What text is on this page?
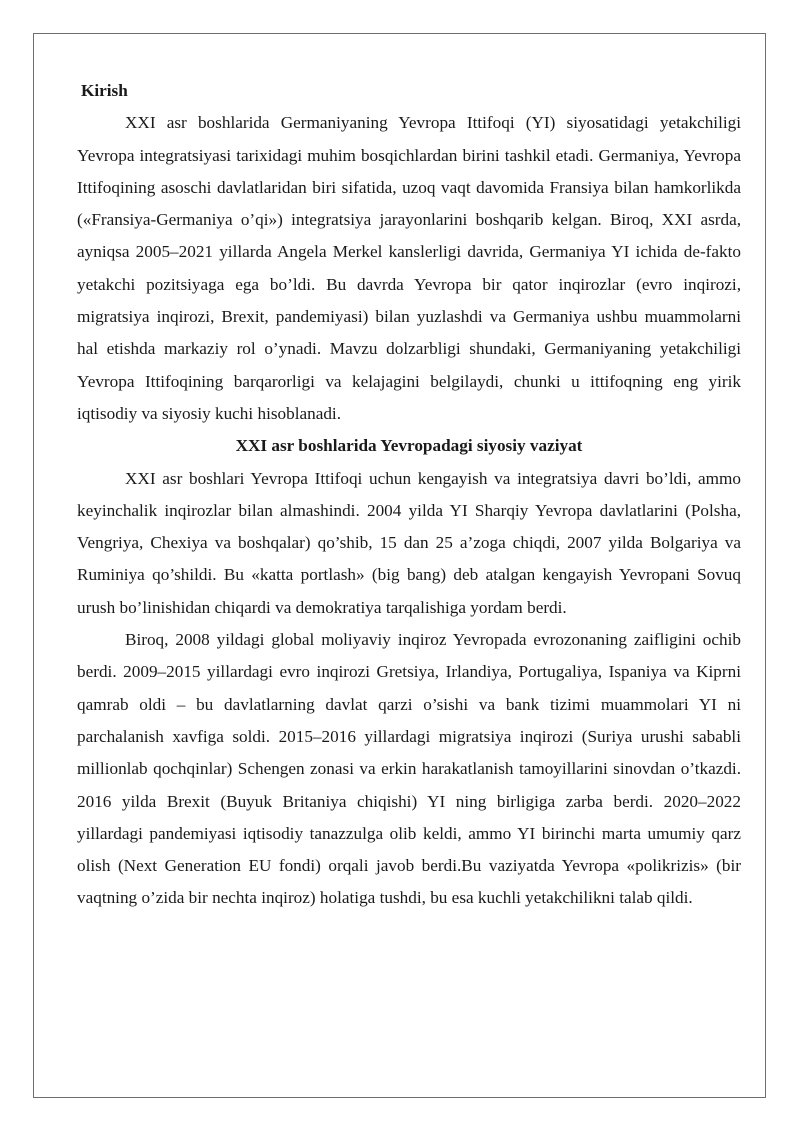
Kirish

XXI asr boshlarida Germaniyaning Yevropa Ittifoqi (YI) siyosatidagi yetakchiligi Yevropa integratsiyasi tarixidagi muhim bosqichlardan birini tashkil etadi. Germaniya, Yevropa Ittifoqining asoschi davlatlaridan biri sifatida, uzoq vaqt davomida Fransiya bilan hamkorlikda («Fransiya-Germaniya o’qi») integratsiya jarayonlarini boshqarib kelgan. Biroq, XXI asrda, ayniqsa 2005–2021 yillarda Angela Merkel kanslerligi davrida, Germaniya YI ichida de-fakto yetakchi pozitsiyaga ega bo’ldi. Bu davrda Yevropa bir qator inqirozlar (evro inqirozi, migratsiya inqirozi, Brexit, pandemiyasi) bilan yuzlashdi va Germaniya ushbu muammolarni hal etishda markaziy rol o’ynadi. Mavzu dolzarbligi shundaki, Germaniyaning yetakchiligi Yevropa Ittifoqining barqarorligi va kelajagini belgilaydi, chunki u ittifoqning eng yirik iqtisodiy va siyosiy kuchi hisoblanadi.

XXI asr boshlarida Yevropadagi siyosiy vaziyat

XXI asr boshlari Yevropa Ittifoqi uchun kengayish va integratsiya davri bo’ldi, ammo keyinchalik inqirozlar bilan almashindi. 2004 yilda YI Sharqiy Yevropa davlatlarini (Polsha, Vengriya, Chexiya va boshqalar) qo’shib, 15 dan 25 a’zoga chiqdi, 2007 yilda Bolgariya va Ruminiya qo’shildi. Bu «katta portlash» (big bang) deb atalgan kengayish Yevropani Sovuq urush bo’linishidan chiqardi va demokratiya tarqalishiga yordam berdi.

Biroq, 2008 yildagi global moliyaviy inqiroz Yevropada evrozonaning zaifligini ochib berdi. 2009–2015 yillardagi evro inqirozi Gretsiya, Irlandiya, Portugaliya, Ispaniya va Kiprni qamrab oldi – bu davlatlarning davlat qarzi o’sishi va bank tizimi muammolari YI ni parchalanish xavfiga soldi. 2015–2016 yillardagi migratsiya inqirozi (Suriya urushi sababli millionlab qochqinlar) Schengen zonasi va erkin harakatlanish tamoyillarini sinovdan o’tkazdi. 2016 yilda Brexit (Buyuk Britaniya chiqishi) YI ning birligiga zarba berdi. 2020–2022 yillardagi pandemiyasi iqtisodiy tanazzulga olib keldi, ammo YI birinchi marta umumiy qarz olish (Next Generation EU fondi) orqali javob berdi.Bu vaziyatda Yevropa «polikrizis» (bir vaqtning o’zida bir nechta inqiroz) holatiga tushdi, bu esa kuchli yetakchilikni talab qildi.
